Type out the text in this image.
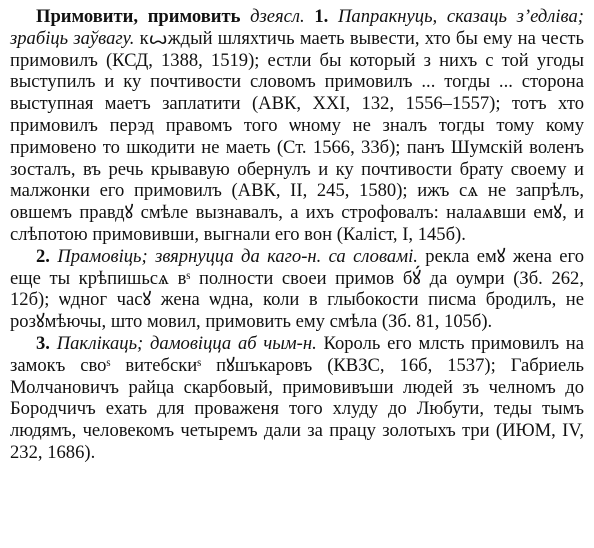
Примовити, примовить дзеясл. 1. Папракнуць, сказаць з’едліва; зрабіць заўвагу. кꙍждый шляхтичь маеть вывести, хто бы ему на честь примовилъ (КСД, 1388, 1519); естли бы который з нихъ с той угоды выступилъ и ку почтивости словомъ примовилъ ... тогды ... сторона выступная маетъ заплатити (АВК, XXI, 132, 1556–1557); тотъ хто примовилъ перэд правомъ того ѡному не зналъ тогды тому кому примовено то шкодити не маеть (Ст. 1566, 33б); панъ Шумскій воленъ зосталъ, въ речь крывавую обернулъ и ку почтивости брату своему и малжонки его примовилъ (АВК, II, 245, 1580); ижъ сѧ не запрѣлъ, овшемъ правдꙋ смѣле вызнавалъ, а ихъ строфовалъ: налаѧвши емꙋ, и слѣпотою примовивши, выгнали его вон (Каліст, I, 145б).

2. Прамовіць; звярнуцца да каго-н. са словамі. рекла емꙋ жена его еще ты крѣпишьсѧ вˢ полности своеи примов бꙋ́ да оумри (Зб. 262, 12б); ѡдног часꙋ жена ѡдна, коли в глыбокости писма бродилъ, не розꙋмѣючы, што мовил, примовить ему смѣла (Зб. 81, 105б).

3. Паклікаць; дамовіцца аб чым-н. Король его млсть примовилъ на замокъ своˢ витебскиˢ пꙋшъкаровъ (КВЗС, 16б, 1537); Габриель Молчановичъ райца скарбовый, примовивъши людей зъ челномъ до Бородчичъ ехать для проваженя того хлуду до Любути, теды тымъ людямъ, человекомъ четыремъ дали за працу золотыхъ три (ИЮМ, IV, 232, 1686).
